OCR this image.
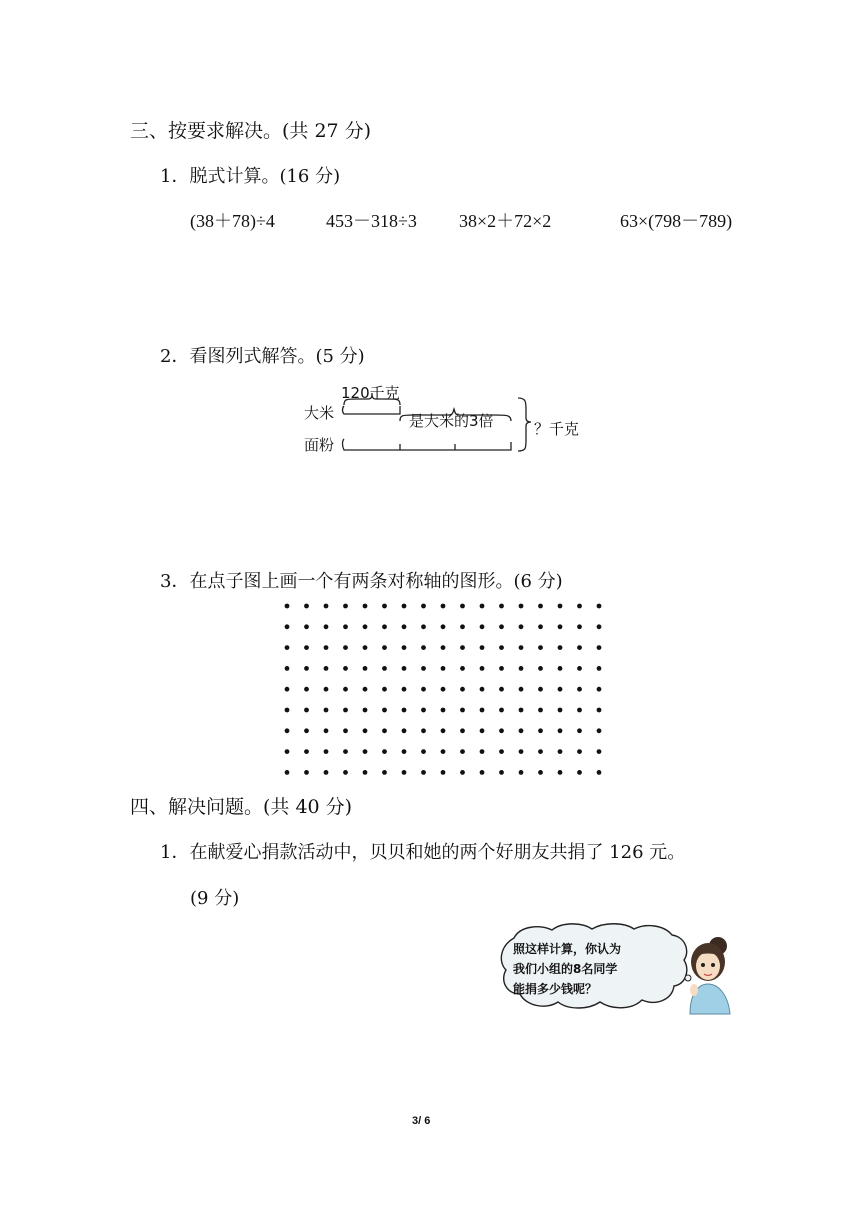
三、按要求解决。(共 27 分)
1．脱式计算。(16 分)
(38＋78)÷4	453－318÷3 38×2＋72×2	63×(798－789)
2．看图列式解答。(5 分)
120千克
大米	是大米的3倍
面粉
？千克
3．在点子图上画一个有两条对称轴的图形。(6 分)
四、解决问题。(共 40 分)
1．在献爱心捐款活动中，贝贝和她的两个好朋友共捐了 126 元。
(9 分)
照这样计算，你认为
我们小组的8名同学
能捐多少钱呢？
3/ 6
